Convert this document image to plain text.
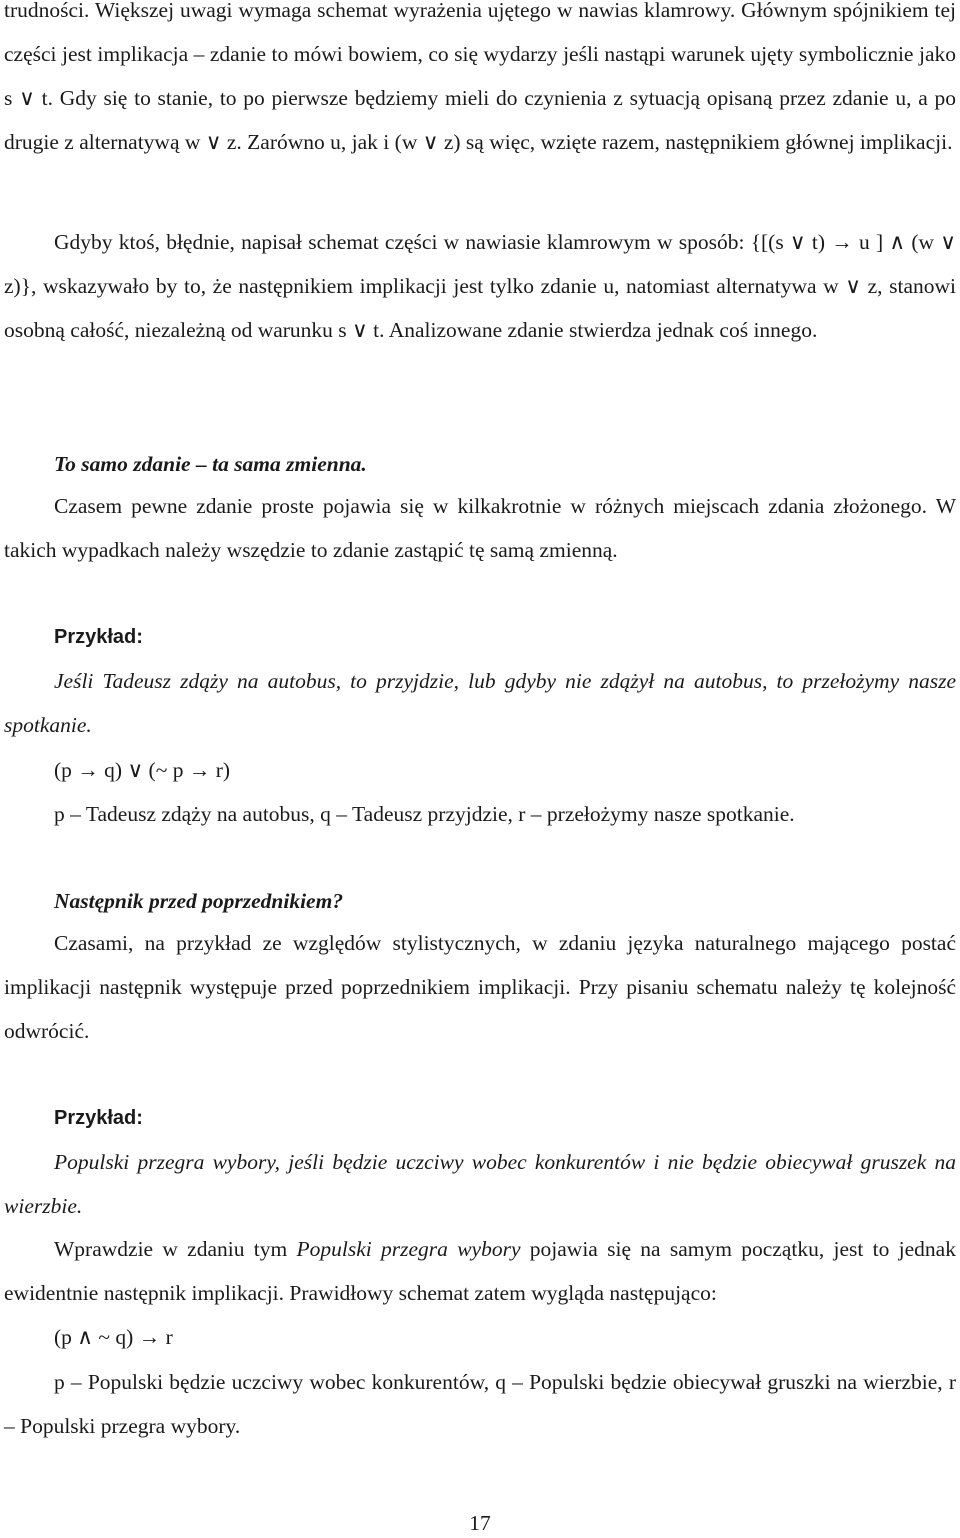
trudności. Większej uwagi wymaga schemat wyrażenia ujętego w nawias klamrowy. Głównym spójnikiem tej części jest implikacja – zdanie to mówi bowiem, co się wydarzy jeśli nastąpi warunek ujęty symbolicznie jako s ∨ t. Gdy się to stanie, to po pierwsze będziemy mieli do czynienia z sytuacją opisaną przez zdanie u, a po drugie z alternatywą w ∨ z. Zarówno u, jak i (w ∨ z) są więc, wzięte razem, następnikiem głównej implikacji.

Gdyby ktoś, błędnie, napisał schemat części w nawiasie klamrowym w sposób: {[(s ∨ t) → u ] ∧ (w ∨ z)}, wskazywało by to, że następnikiem implikacji jest tylko zdanie u, natomiast alternatywa w ∨ z, stanowi osobną całość, niezależną od warunku s ∨ t. Analizowane zdanie stwierdza jednak coś innego.

To samo zdanie – ta sama zmienna.

Czasem pewne zdanie proste pojawia się w kilkakrotnie w różnych miejscach zdania złożonego. W takich wypadkach należy wszędzie to zdanie zastąpić tę samą zmienną.

Przykład:

Jeśli Tadeusz zdąży na autobus, to przyjdzie, lub gdyby nie zdążył na autobus, to przełożymy nasze spotkanie.

(p → q) ∨ (~ p → r)

p – Tadeusz zdąży na autobus, q – Tadeusz przyjdzie, r – przełożymy nasze spotkanie.

Następnik przed poprzednikiem?

Czasami, na przykład ze względów stylistycznych, w zdaniu języka naturalnego mającego postać implikacji następnik występuje przed poprzednikiem implikacji. Przy pisaniu schematu należy tę kolejność odwrócić.

Przykład:

Populski przegra wybory, jeśli będzie uczciwy wobec konkurentów i nie będzie obiecywał gruszek na wierzbie.

Wprawdzie w zdaniu tym Populski przegra wybory pojawia się na samym początku, jest to jednak ewidentnie następnik implikacji. Prawidłowy schemat zatem wygląda następująco:

(p ∧ ~ q) → r

p – Populski będzie uczciwy wobec konkurentów, q – Populski będzie obiecywał gruszki na wierzbie, r – Populski przegra wybory.

17
